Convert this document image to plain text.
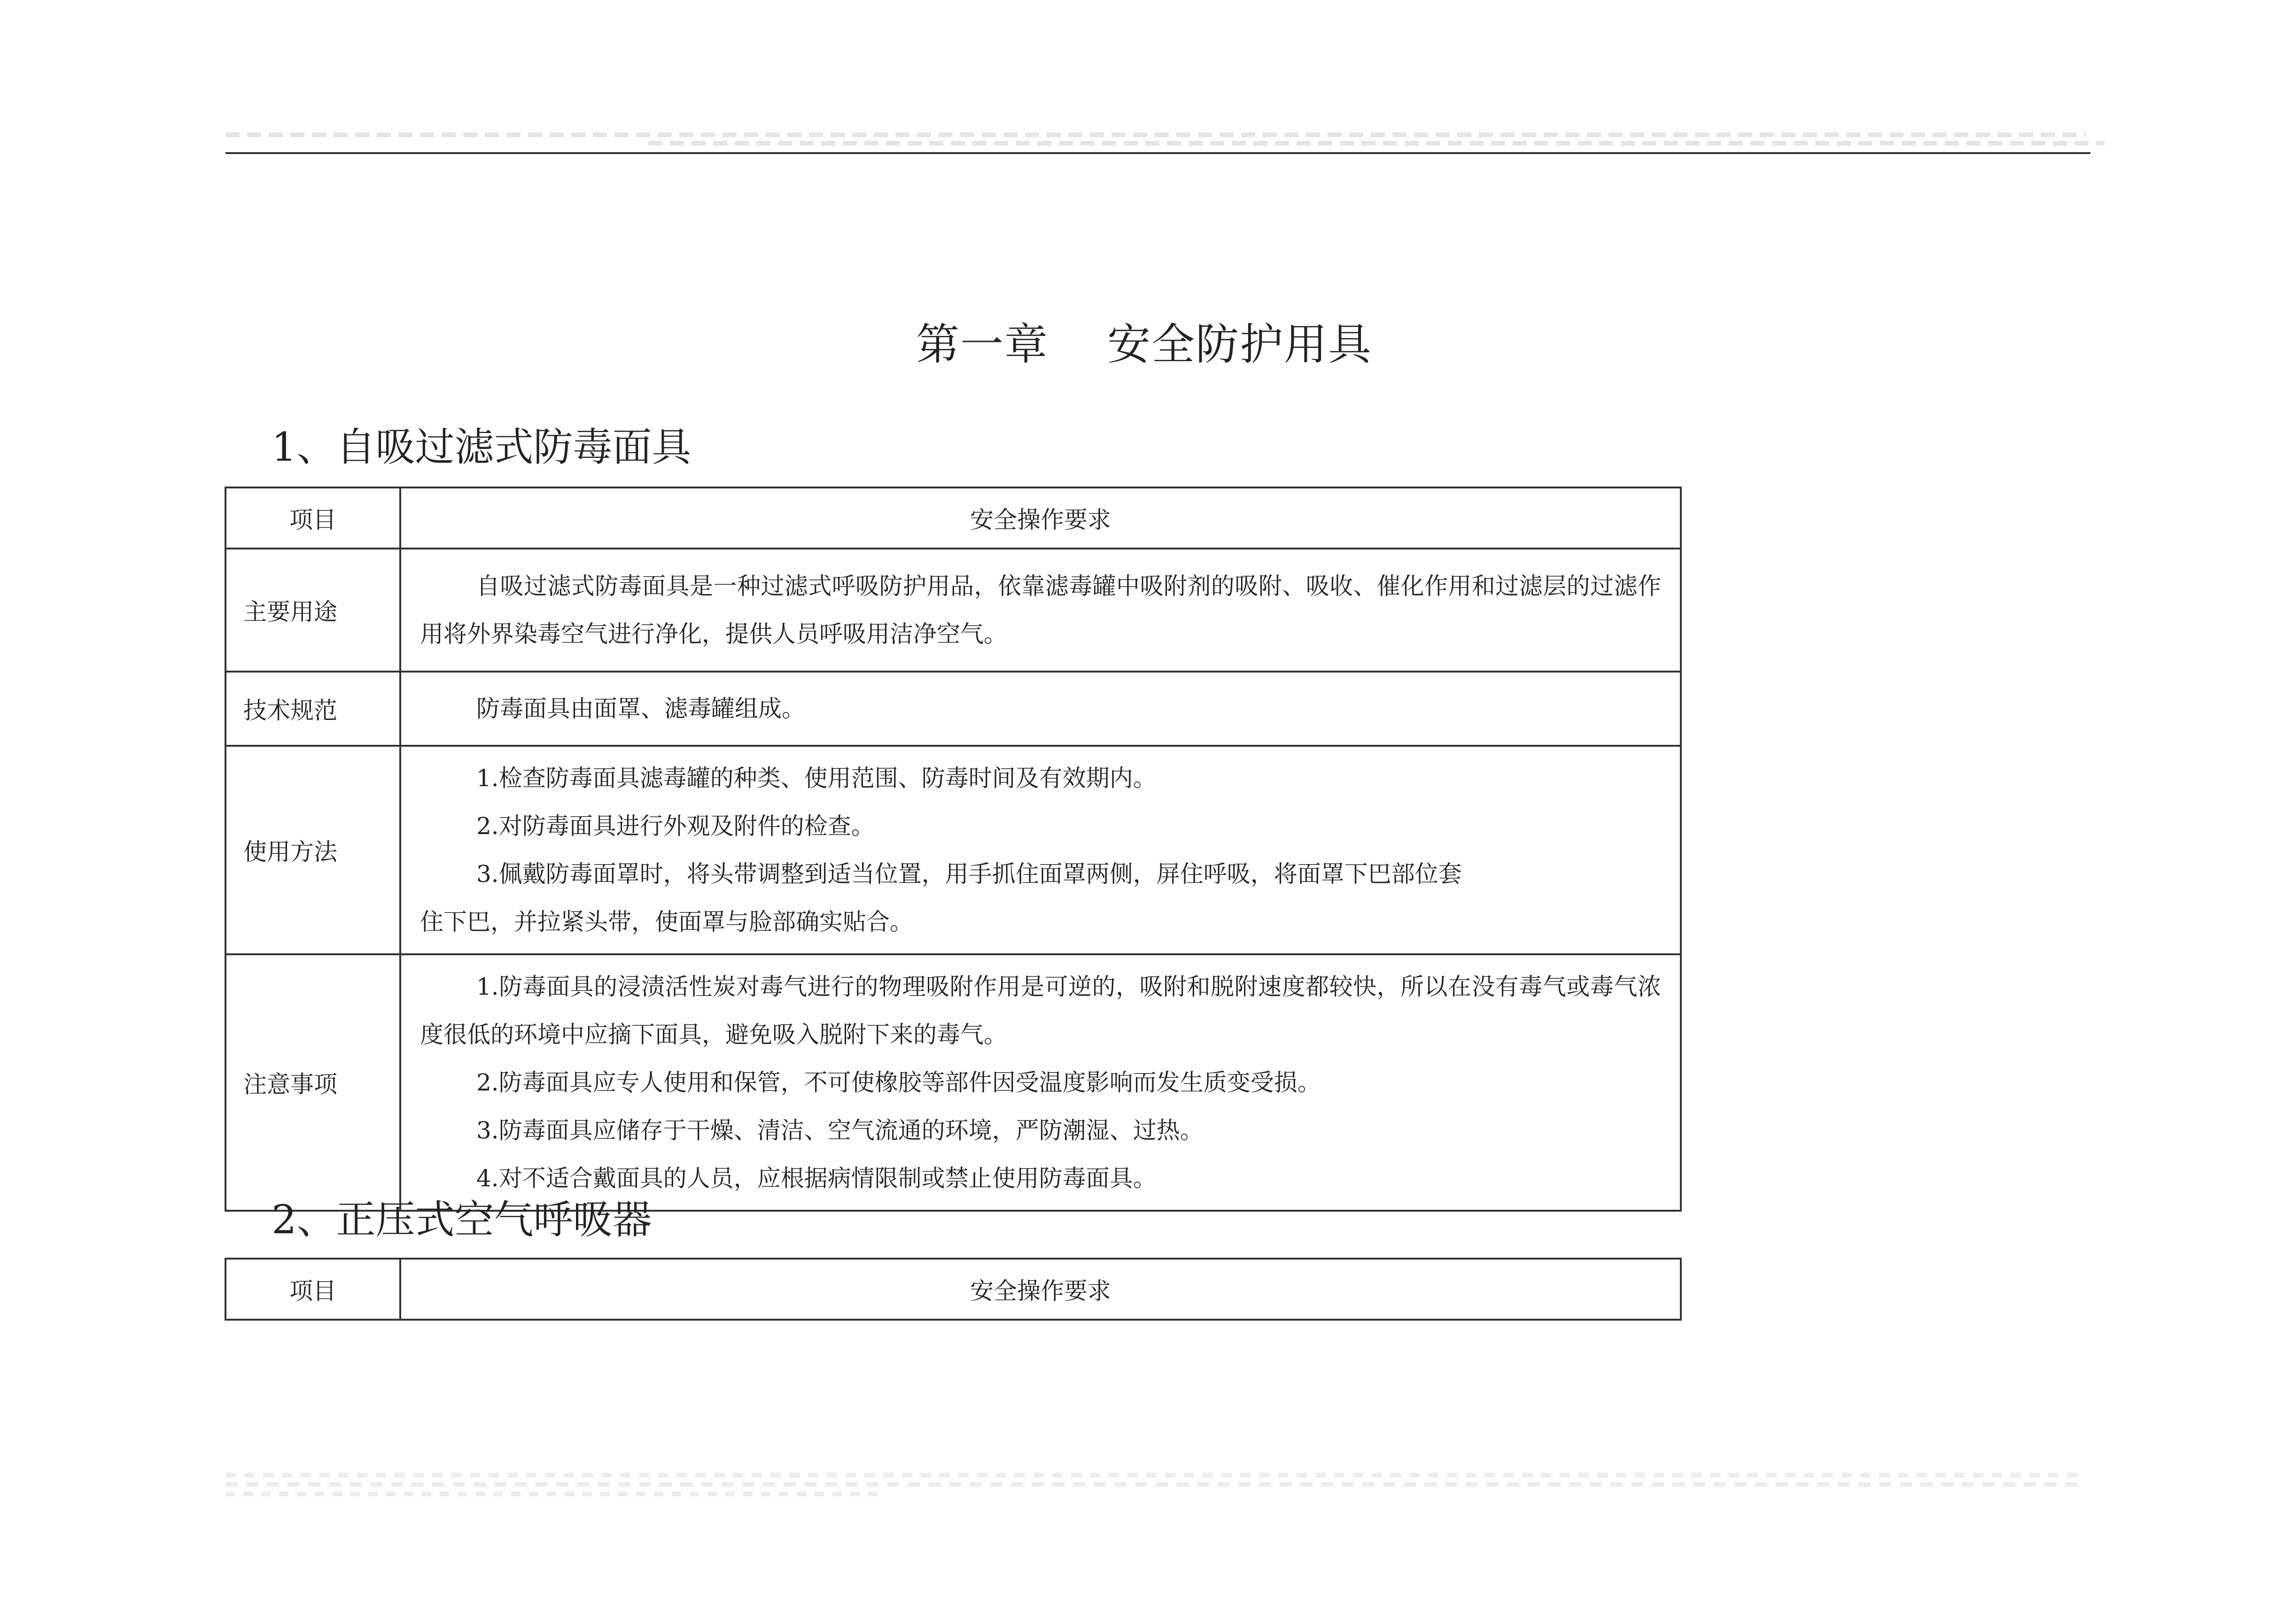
第一章    安全防护用具
1、自吸过滤式防毒面具
项目	安全操作要求
主要用途	自吸过滤式防毒面具是一种过滤式呼吸防护用品，依靠滤毒罐中吸附剂的吸附、吸收、催化作用和过滤层的过滤作用将外界染毒空气进行净化，提供人员呼吸用洁净空气。

技术规范	防毒面具由面罩、滤毒罐组成。

使用方法	1.检查防毒面具滤毒罐的种类、使用范围、防毒时间及有效期内。

2.对防毒面具进行外观及附件的检查。

3.佩戴防毒面罩时，将头带调整到适当位置，用手抓住面罩两侧，屏住呼吸，将面罩下巴部位套

住下巴，并拉紧头带，使面罩与脸部确实贴合。

注意事项	1.防毒面具的浸渍活性炭对毒气进行的物理吸附作用是可逆的，吸附和脱附速度都较快，所以在没有毒气或毒气浓度很低的环境中应摘下面具，避免吸入脱附下来的毒气。

2.防毒面具应专人使用和保管，不可使橡胶等部件因受温度影响而发生质变受损。

3.防毒面具应储存于干燥、清洁、空气流通的环境，严防潮湿、过热。

4.对不适合戴面具的人员，应根据病情限制或禁止使用防毒面具。

2、正压式空气呼吸器
项目	安全操作要求
